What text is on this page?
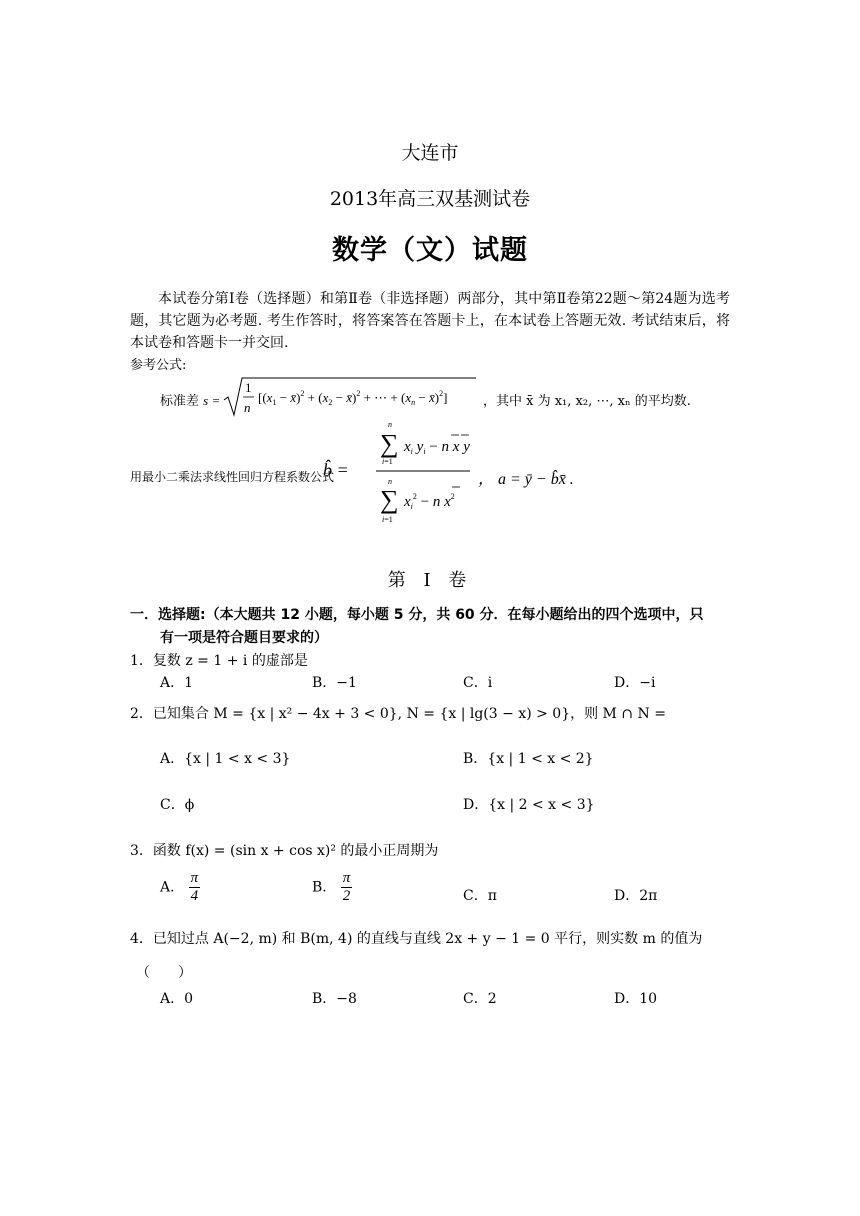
大连市
2013年高三双基测试卷
数学（文）试题
本试卷分第Ⅰ卷（选择题）和第Ⅱ卷（非选择题）两部分，其中第Ⅱ卷第22题～第24题为选考题，其它题为必考题. 考生作答时，将答案答在答题卡上，在本试卷上答题无效. 考试结束后，将本试卷和答题卡一并交回.
参考公式:
标准差 s =
1
n
[($x_1$ − x̄)$^2$ + ($x_2$ − x̄)$^2$ + ⋯ + ($x_n$ − x̄)$^2$]	，其中 x̄ 为 x₁, x₂, ⋯, xₙ 的平均数.
用最小二乘法求线性回归方程系数公式
b̂ =
n
∑
i=1
$x_i$ $y_i - n$ x y
n
∑
i=1
$x_i^2 - n$ $x^2$
， a = ȳ − b̂x̄ .
第 Ⅰ 卷
一．选择题:（本大题共 12 小题，每小题 5 分，共 60 分．在每小题给出的四个选项中，只
有一项是符合题目要求的）
1．复数 z = 1 + i 的虚部是
A．1	B．−1	C．i	D．−i
2．已知集合 M = {x | x² − 4x + 3 < 0}, N = {x | lg(3 − x) > 0}，则 M ∩ N =
A．{x | 1 < x < 3}	B．{x | 1 < x < 2}
C．ϕ	D．{x | 2 < x < 3}
3．函数 f(x) = (sin x + cos x)² 的最小正周期为
A． $\frac{\pi}{4}$	B． $\frac{\pi}{2}$	C．π	D．2π
4．已知过点 A(−2, m) 和 B(m, 4) 的直线与直线 2x + y − 1 = 0 平行，则实数 m 的值为
（　　）
A．0	B．−8	C．2	D．10
